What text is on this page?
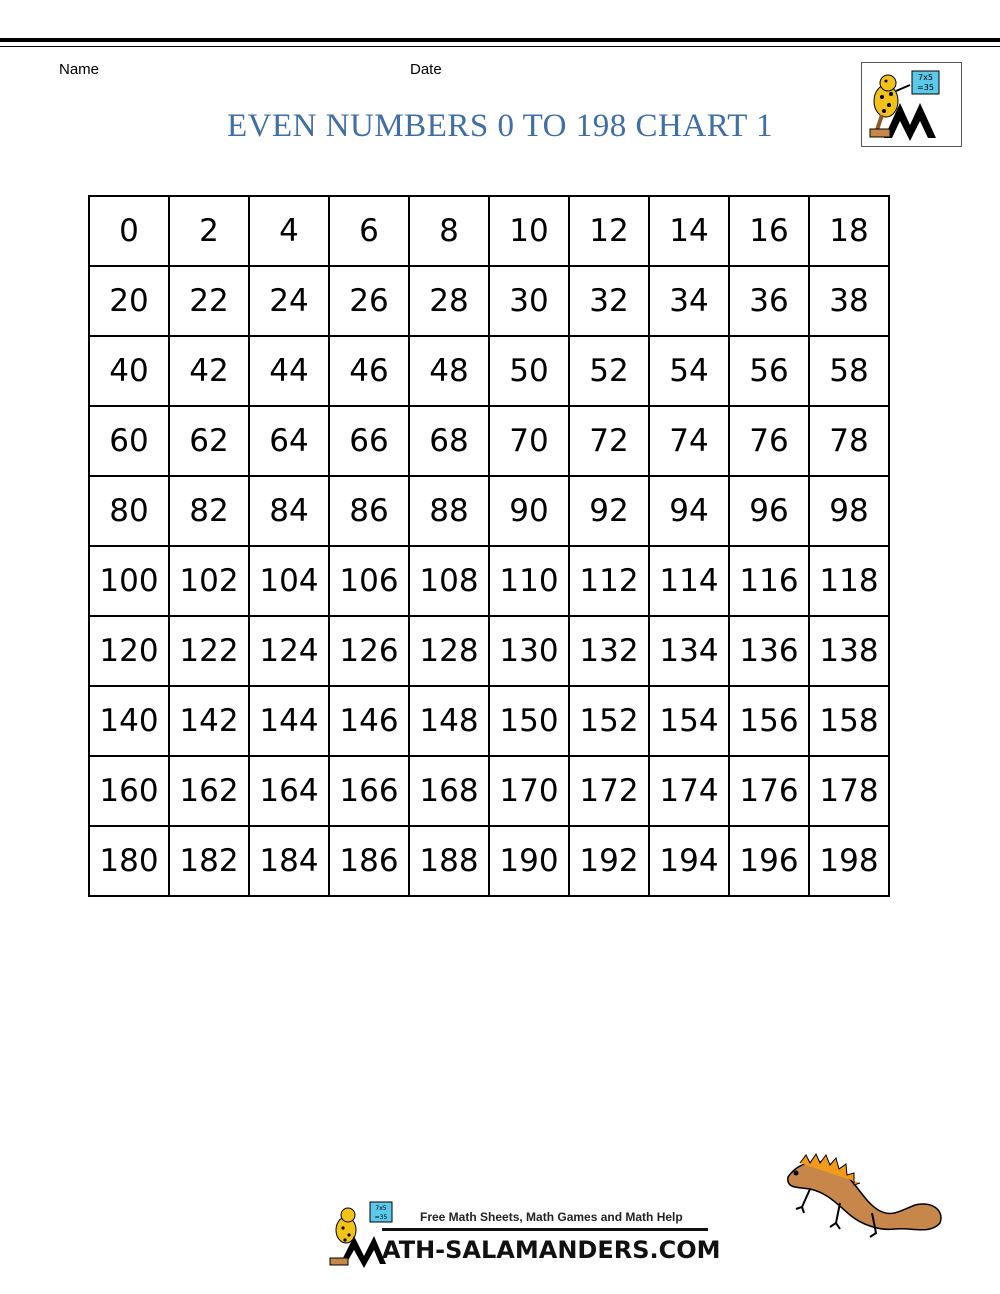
Name	Date
EVEN NUMBERS 0 TO 198 CHART 1
7x5
=35
0	2	4	6	8	10	12	14	16	18
20	22	24	26	28	30	32	34	36	38
40	42	44	46	48	50	52	54	56	58
60	62	64	66	68	70	72	74	76	78
80	82	84	86	88	90	92	94	96	98
100	102	104	106	108	110	112	114	116	118
120	122	124	126	128	130	132	134	136	138
140	142	144	146	148	150	152	154	156	158
160	162	164	166	168	170	172	174	176	178
180	182	184	186	188	190	192	194	196	198
7x5
=35	Free Math Sheets, Math Games and Math Help
ATH-SALAMANDERS.COM
